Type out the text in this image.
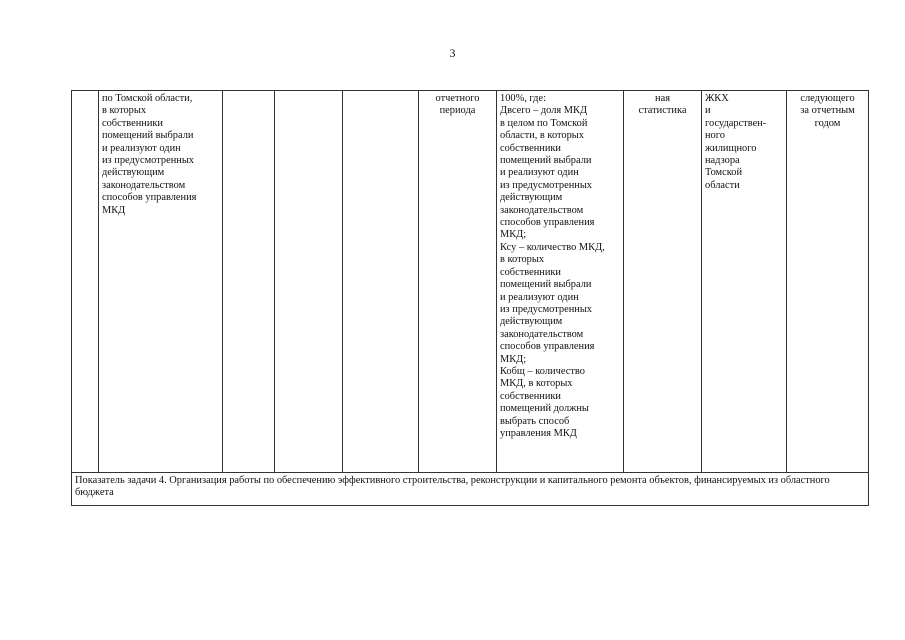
3
	по Томской области,
в которых
собственники
помещений выбрали
и реализуют один
из предусмотренных
действующим
законодательством
способов управления
МКД				отчетного
периода	100%, где:
Двсего – доля МКД
в целом по Томской
области, в которых
собственники
помещений выбрали
и реализуют один
из предусмотренных
действующим
законодательством
способов управления
МКД;
Ксу – количество МКД,
в которых
собственники
помещений выбрали
и реализуют один
из предусмотренных
действующим
законодательством
способов управления
МКД;
Кобщ – количество
МКД, в которых
собственники
помещений должны
выбрать способ
управления МКД	ная
статистика	ЖКХ
и
государствен-
ного
жилищного
надзора
Томской
области	следующего
за отчетным
годом
Показатель задачи 4. Организация работы по обеспечению эффективного строительства, реконструкции и капитального ремонта объектов, финансируемых из областного бюджета
